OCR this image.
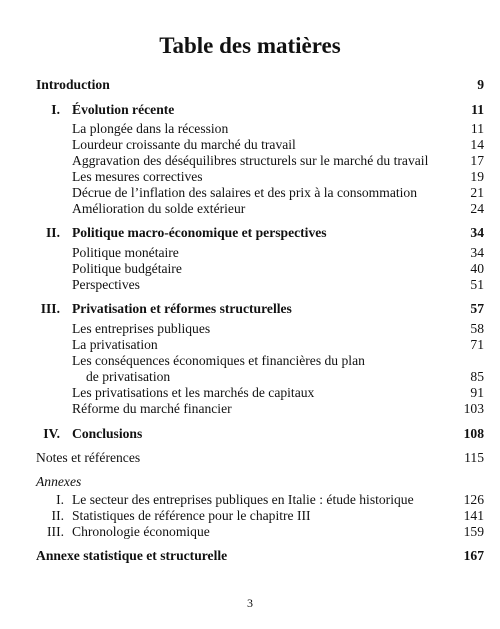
Table des matières
Introduction	9
I. Évolution récente	11
La plongée dans la récession	11
Lourdeur croissante du marché du travail	14
Aggravation des déséquilibres structurels sur le marché du travail	17
Les mesures correctives	19
Décrue de l’inflation des salaires et des prix à la consommation	21
Amélioration du solde extérieur	24
II. Politique macro-économique et perspectives	34
Politique monétaire	34
Politique budgétaire	40
Perspectives	51
III. Privatisation et réformes structurelles	57
Les entreprises publiques	58
La privatisation	71
Les conséquences économiques et financières du plan
de privatisation	85
Les privatisations et les marchés de capitaux	91
Réforme du marché financier	103
IV. Conclusions	108
Notes et références	115
Annexes
I. Le secteur des entreprises publiques en Italie : étude historique	126
II. Statistiques de référence pour le chapitre III	141
III. Chronologie économique	159
Annexe statistique et structurelle	167
3
